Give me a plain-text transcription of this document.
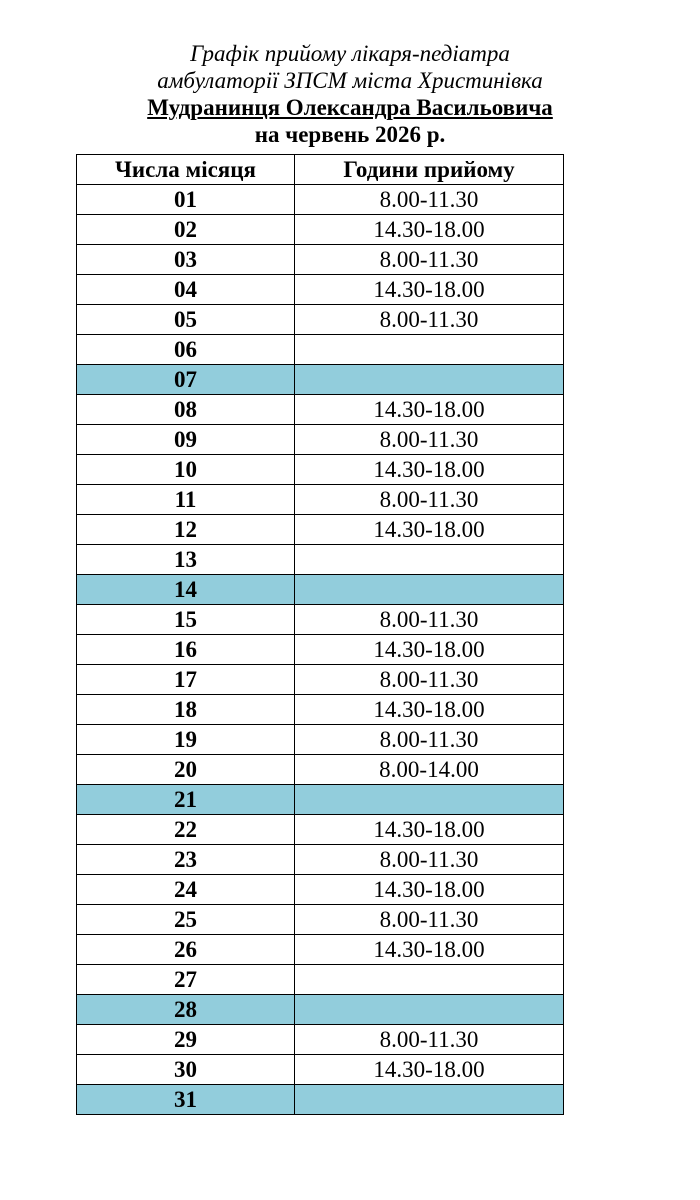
Графік прийому лікаря-педіатра
амбулаторії ЗПСМ міста Христинівка
Мудранинця Олександра Васильовича
на червень 2026 р.
Числа місяця	Години прийому
01	8.00-11.30
02	14.30-18.00
03	8.00-11.30
04	14.30-18.00
05	8.00-11.30
06	
07	
08	14.30-18.00
09	8.00-11.30
10	14.30-18.00
11	8.00-11.30
12	14.30-18.00
13	
14	
15	8.00-11.30
16	14.30-18.00
17	8.00-11.30
18	14.30-18.00
19	8.00-11.30
20	8.00-14.00
21	
22	14.30-18.00
23	8.00-11.30
24	14.30-18.00
25	8.00-11.30
26	14.30-18.00
27	
28	
29	8.00-11.30
30	14.30-18.00
31	
